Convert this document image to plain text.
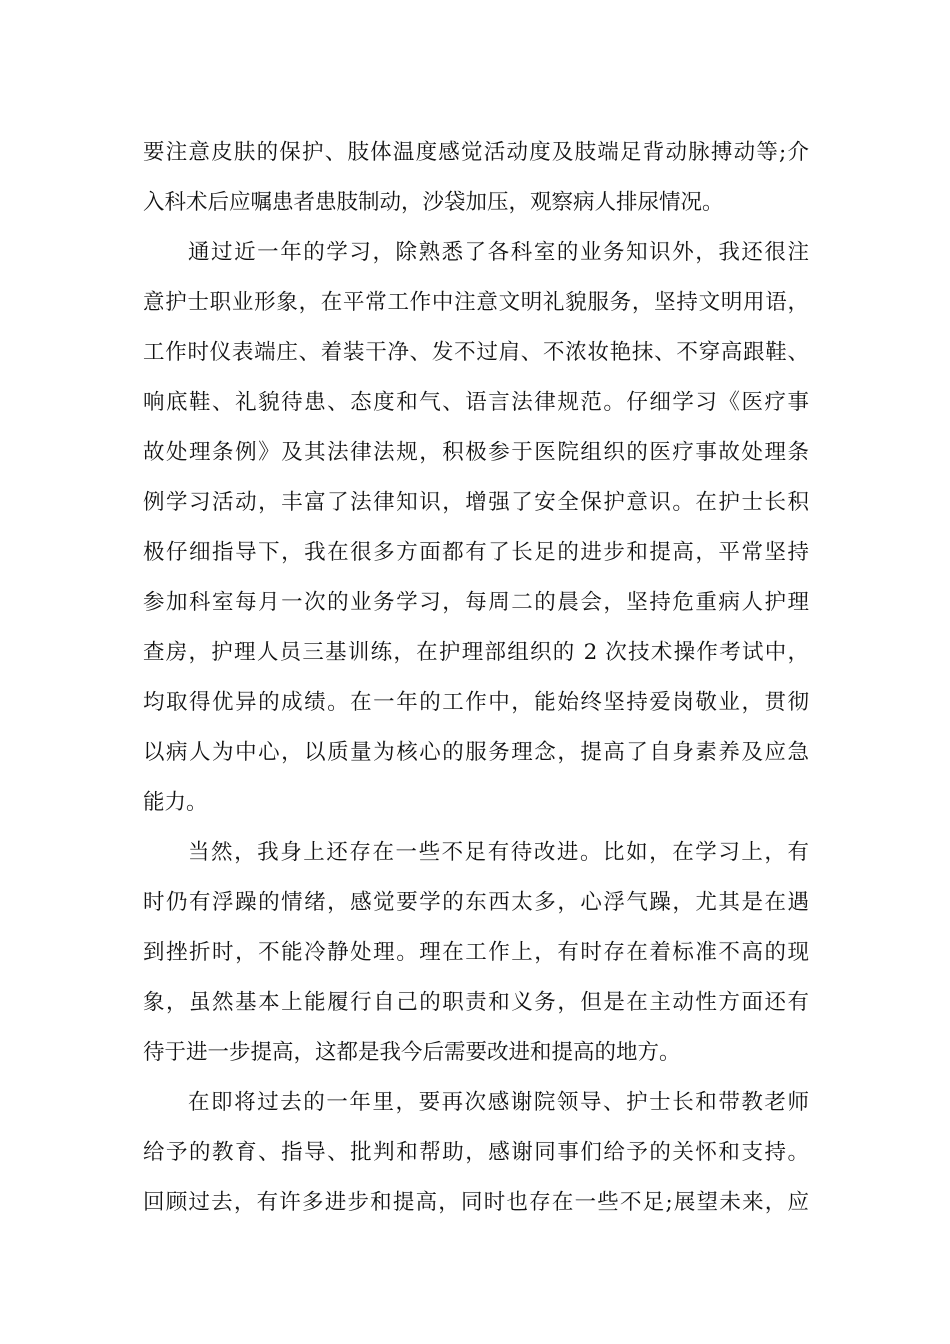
要注意皮肤的保护、肢体温度感觉活动度及肢端足背动脉搏动等;介
入科术后应嘱患者患肢制动，沙袋加压，观察病人排尿情况。
通过近一年的学习，除熟悉了各科室的业务知识外，我还很注
意护士职业形象，在平常工作中注意文明礼貌服务，坚持文明用语，
工作时仪表端庄、着装干净、发不过肩、不浓妆艳抹、不穿高跟鞋、
响底鞋、礼貌待患、态度和气、语言法律规范。仔细学习《医疗事
故处理条例》及其法律法规，积极参于医院组织的医疗事故处理条
例学习活动，丰富了法律知识，增强了安全保护意识。在护士长积
极仔细指导下，我在很多方面都有了长足的进步和提高，平常坚持
参加科室每月一次的业务学习，每周二的晨会，坚持危重病人护理
查房，护理人员三基训练，在护理部组织的 2 次技术操作考试中，
均取得优异的成绩。在一年的工作中，能始终坚持爱岗敬业，贯彻
以病人为中心，以质量为核心的服务理念，提高了自身素养及应急
能力。
当然，我身上还存在一些不足有待改进。比如，在学习上，有
时仍有浮躁的情绪，感觉要学的东西太多，心浮气躁，尤其是在遇
到挫折时，不能冷静处理。理在工作上，有时存在着标准不高的现
象，虽然基本上能履行自己的职责和义务，但是在主动性方面还有
待于进一步提高，这都是我今后需要改进和提高的地方。
在即将过去的一年里，要再次感谢院领导、护士长和带教老师
给予的教育、指导、批判和帮助，感谢同事们给予的关怀和支持。
回顾过去，有许多进步和提高，同时也存在一些不足;展望未来，应
